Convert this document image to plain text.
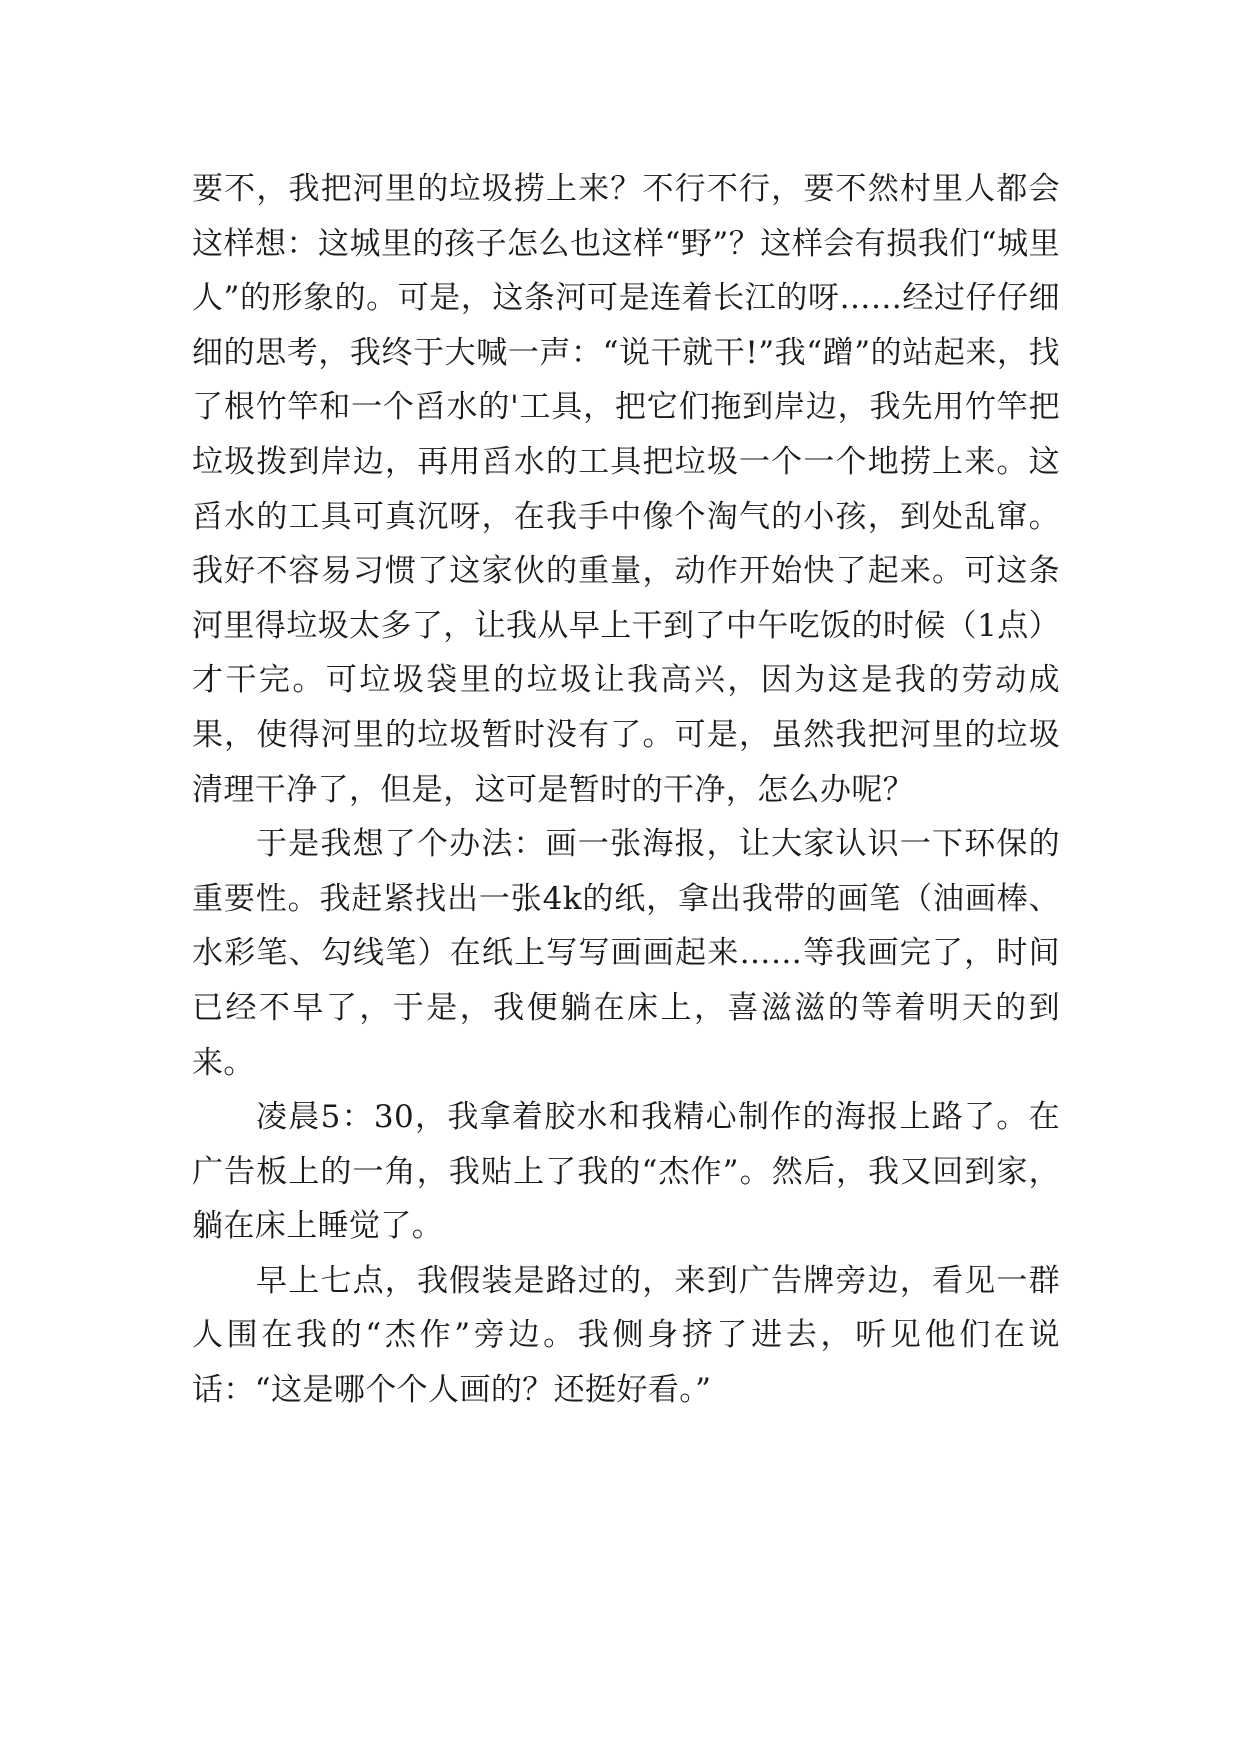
要不，我把河里的垃圾捞上来？不行不行，要不然村里人都会这样想：这城里的孩子怎么也这样“野”？这样会有损我们“城里人”的形象的。可是，这条河可是连着长江的呀……经过仔仔细细的思考，我终于大喊一声：“说干就干!”我“蹭”的站起来，找了根竹竿和一个舀水的'工具，把它们拖到岸边，我先用竹竿把垃圾拨到岸边，再用舀水的工具把垃圾一个一个地捞上来。这舀水的工具可真沉呀，在我手中像个淘气的小孩，到处乱窜。我好不容易习惯了这家伙的重量，动作开始快了起来。可这条河里得垃圾太多了，让我从早上干到了中午吃饭的时候（1点）才干完。可垃圾袋里的垃圾让我高兴，因为这是我的劳动成果，使得河里的垃圾暂时没有了。可是，虽然我把河里的垃圾清理干净了，但是，这可是暂时的干净，怎么办呢？

于是我想了个办法：画一张海报，让大家认识一下环保的重要性。我赶紧找出一张4k的纸，拿出我带的画笔（油画棒、水彩笔、勾线笔）在纸上写写画画起来……等我画完了，时间已经不早了，于是，我便躺在床上，喜滋滋的等着明天的到来。

凌晨5：30，我拿着胶水和我精心制作的海报上路了。在广告板上的一角，我贴上了我的“杰作”。然后，我又回到家，躺在床上睡觉了。

早上七点，我假装是路过的，来到广告牌旁边，看见一群人围在我的“杰作”旁边。我侧身挤了进去，听见他们在说话：“这是哪个个人画的？还挺好看。”
